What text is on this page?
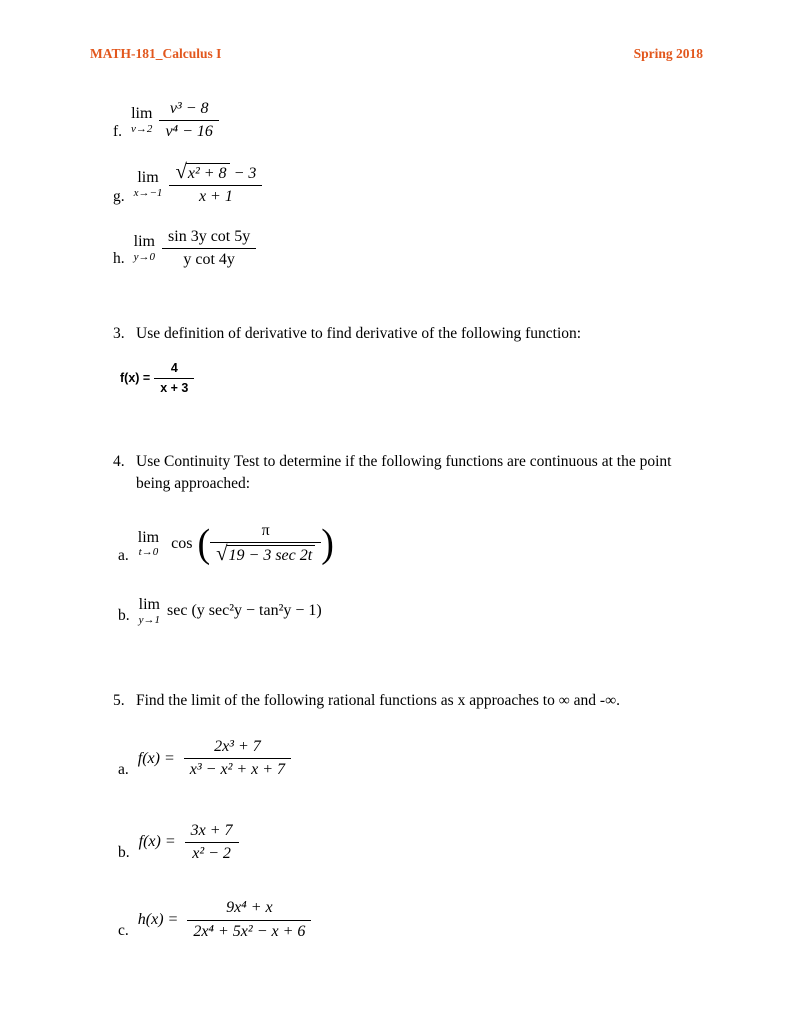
MATH-181_Calculus I	Spring 2018
f.
lim
$v\to 2 \frac{\text{v³ − 8}}{\text{v⁴ − 16}}$
g.
lim
$x\to-1 \frac{\text{√ x² + 8 − 3}}{x + 1}$
h.
lim
$y\to 0 \frac{\text{sin 3y cot 5y}}{\text{y cot 4y}}$
3. Use definition of derivative to find derivative of the following function:
$f(x) = \frac{4}{x + 3}$
4. Use Continuity Test to determine if the following functions are continuous at the point being approached:
a.
lim
t→0
cos ( $\frac{\pi}{√ 19 - 3 \sec 2t}$ )
b.
lim
y→1
sec (y sec²y − tan²y − 1)
5. Find the limit of the following rational functions as x approaches to ∞ and -∞.
a.
$f(x) = \frac{\text{2x³ + 7}}{\text{x³ − x² + x + 7}}$
b.
$f(x) = \frac{3x + 7}{\text{x² − 2}}$
c.
$h(x) = \frac{\text{9x⁴ + x}}{\text{2x⁴ + 5x² − x + 6}}$
